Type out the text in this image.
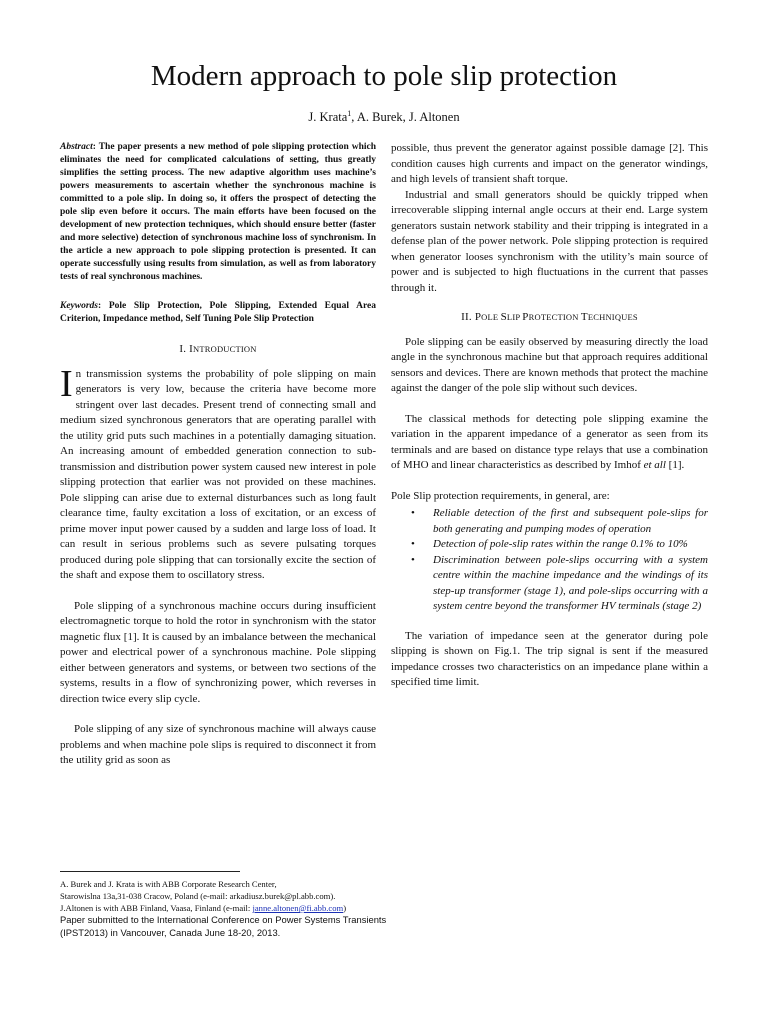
Modern approach to pole slip protection
J. Krata$^1$, A. Burek, J. Altonen

Abstract: The paper presents a new method of pole slipping protection which eliminates the need for complicated calculations of setting, thus greatly simplifies the setting process. The new adaptive algorithm uses machine’s powers measurements to ascertain whether the synchronous machine is committed to a pole slip. In doing so, it offers the prospect of detecting the pole slip even before it occurs. The main efforts have been focused on the development of new protection techniques, which should ensure better (faster and more selective) detection of synchronous machine loss of synchronism. In the article a new approach to pole slipping protection is presented. It can operate successfully using results from simulation, as well as from laboratory tests of real synchronous machines.

Keywords: Pole Slip Protection, Pole Slipping, Extended Equal Area Criterion, Impedance method, Self Tuning Pole Slip Protection

I. INTRODUCTION

In transmission systems the probability of pole slipping on main generators is very low, because the criteria have become more stringent over last decades. Present trend of connecting small and medium sized synchronous generators that are operating parallel with the utility grid puts such machines in a potentially damaging situation. An increasing amount of embedded generation connection to sub-transmission and distribution power system caused new interest in pole slipping protection that earlier was not provided on these machines. Pole slipping can arise due to external disturbances such as long fault clearance time, faulty excitation a loss of excitation, or an excess of prime mover input power caused by a sudden and large loss of load. It can result in serious problems such as severe pulsating torques produced during pole slipping that can torsionally excite the section of the shaft and expose them to oscillatory stress.

Pole slipping of a synchronous machine occurs during insufficient electromagnetic torque to hold the rotor in synchronism with the stator magnetic flux [1]. It is caused by an imbalance between the mechanical power and electrical power of a synchronous machine. Pole slipping either between generators and systems, or between two sections of the systems, results in a flow of synchronizing power, which reverses in direction twice every slip cycle.

Pole slipping of any size of synchronous machine will always cause problems and when machine pole slips is required to disconnect it from the utility grid as soon as

possible, thus prevent the generator against possible damage [2]. This condition causes high currents and impact on the generator windings, and high levels of transient shaft torque.

Industrial and small generators should be quickly tripped when irrecoverable slipping internal angle occurs at their end. Large system generators sustain network stability and their tripping is integrated in a defense plan of the power network. Pole slipping protection is required when generator looses synchronism with the utility’s main source of power and is subjected to high fluctuations in the current that passes through it.

II. POLE SLIP PROTECTION TECHNIQUES

Pole slipping can be easily observed by measuring directly the load angle in the synchronous machine but that approach requires additional sensors and devices. There are known methods that protect the machine against the danger of the pole slip without such devices.

The classical methods for detecting pole slipping examine the variation in the apparent impedance of a generator as seen from its terminals and are based on distance type relays that use a combination of MHO and linear characteristics as described by Imhof et all [1].

Pole Slip protection requirements, in general, are:

• Reliable detection of the first and subsequent pole-slips for both generating and pumping modes of operation
• Detection of pole-slip rates within the range 0.1% to 10%
• Discrimination between pole-slips occurring with a system centre within the machine impedance and the windings of its step-up transformer (stage 1), and pole-slips occurring with a system centre beyond the transformer HV terminals (stage 2)

The variation of impedance seen at the generator during pole slipping is shown on Fig.1. The trip signal is sent if the measured impedance crosses two characteristics on an impedance plane within a specified time limit.

A. Burek and J. Krata is with ABB Corporate Research Center,
Starowislna 13a,31-038 Cracow, Poland (e-mail: arkadiusz.burek@pl.abb.com).
J.Altonen is with ABB Finland, Vaasa, Finland (e-mail: janne.altonen@fi.abb.com)
Paper submitted to the International Conference on Power Systems Transients (IPST2013) in Vancouver, Canada June 18-20, 2013.
